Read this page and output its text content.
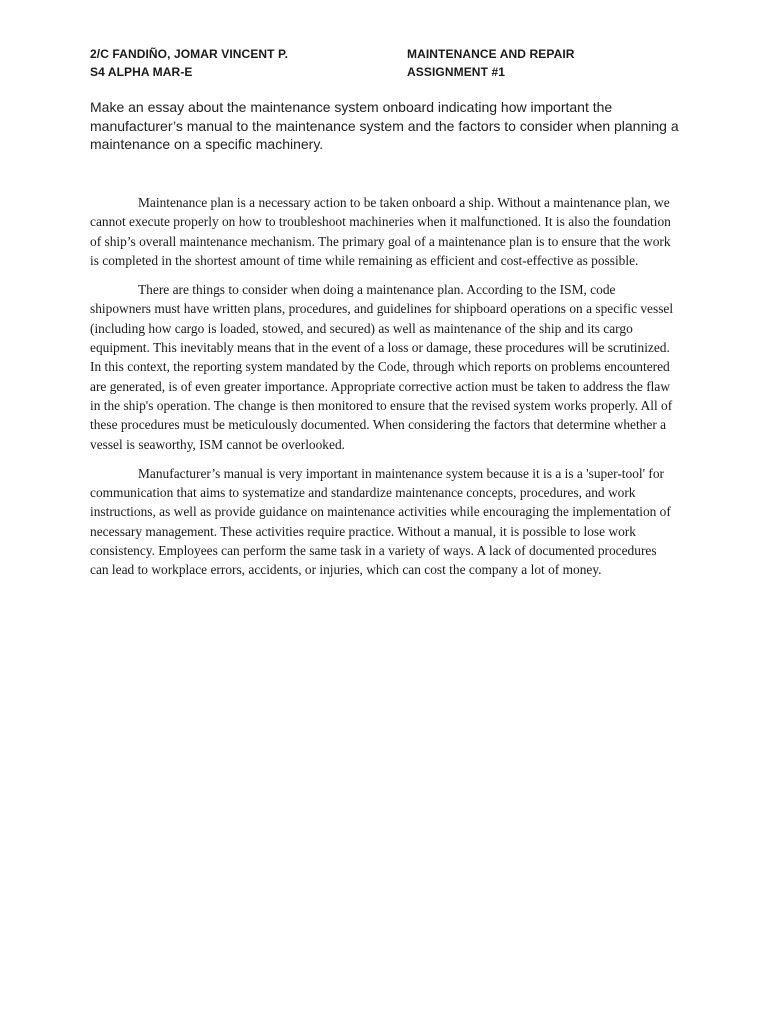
2/C FANDIÑO, JOMAR VINCENT P.
S4 ALPHA MAR-E
MAINTENANCE AND REPAIR
ASSIGNMENT #1
Make an essay about the maintenance system onboard indicating how important the manufacturer’s manual to the maintenance system and the factors to consider when planning a maintenance on a specific machinery.

Maintenance plan is a necessary action to be taken onboard a ship. Without a maintenance plan, we cannot execute properly on how to troubleshoot machineries when it malfunctioned. It is also the foundation of ship’s overall maintenance mechanism. The primary goal of a maintenance plan is to ensure that the work is completed in the shortest amount of time while remaining as efficient and cost-effective as possible.

There are things to consider when doing a maintenance plan. According to the ISM, code shipowners must have written plans, procedures, and guidelines for shipboard operations on a specific vessel (including how cargo is loaded, stowed, and secured) as well as maintenance of the ship and its cargo equipment. This inevitably means that in the event of a loss or damage, these procedures will be scrutinized. In this context, the reporting system mandated by the Code, through which reports on problems encountered are generated, is of even greater importance. Appropriate corrective action must be taken to address the flaw in the ship's operation. The change is then monitored to ensure that the revised system works properly. All of these procedures must be meticulously documented. When considering the factors that determine whether a vessel is seaworthy, ISM cannot be overlooked.

Manufacturer’s manual is very important in maintenance system because it is a is a 'super-tool' for communication that aims to systematize and standardize maintenance concepts, procedures, and work instructions, as well as provide guidance on maintenance activities while encouraging the implementation of necessary management. These activities require practice. Without a manual, it is possible to lose work consistency. Employees can perform the same task in a variety of ways. A lack of documented procedures can lead to workplace errors, accidents, or injuries, which can cost the company a lot of money.
